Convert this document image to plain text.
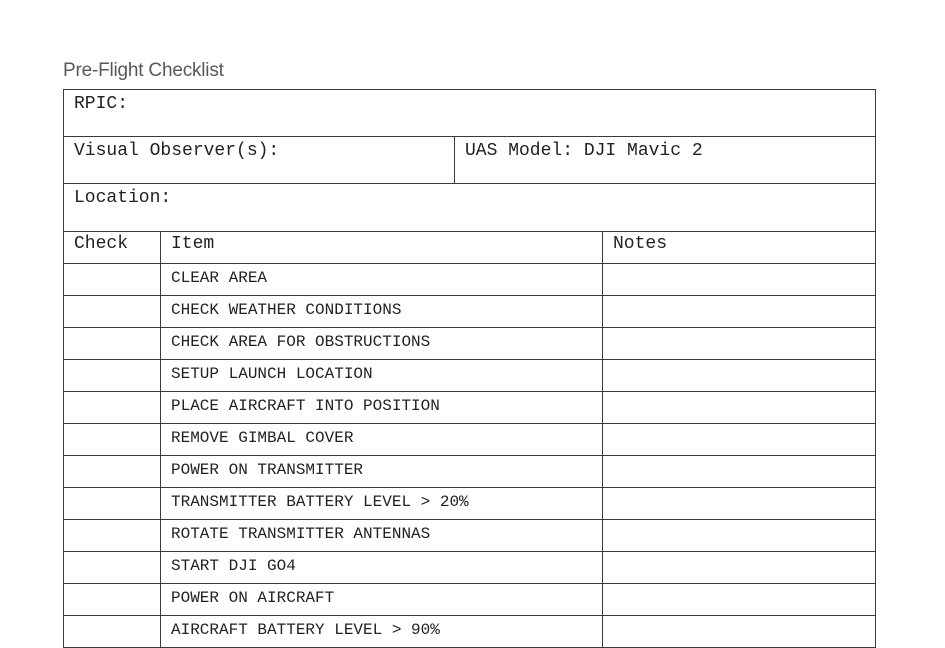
Pre-Flight Checklist
RPIC:
Visual Observer(s):	UAS Model: DJI Mavic 2
Location:
Check	Item	Notes
	CLEAR AREA	
	CHECK WEATHER CONDITIONS	
	CHECK AREA FOR OBSTRUCTIONS	
	SETUP LAUNCH LOCATION	
	PLACE AIRCRAFT INTO POSITION	
	REMOVE GIMBAL COVER	
	POWER ON TRANSMITTER	
	TRANSMITTER BATTERY LEVEL > 20%	
	ROTATE TRANSMITTER ANTENNAS	
	START DJI GO4	
	POWER ON AIRCRAFT	
	AIRCRAFT BATTERY LEVEL > 90%	
